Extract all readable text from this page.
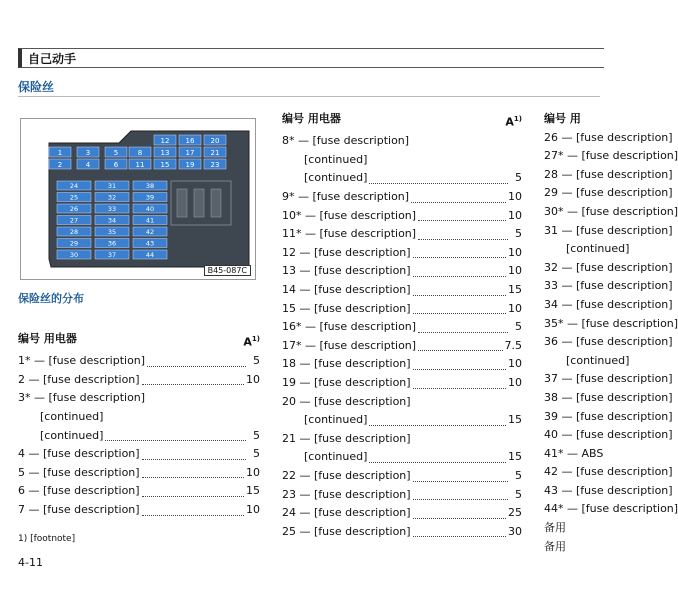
自己动手
保险丝
12 16 20
1	3	5	8	13 17 21
2	4	6 11 15 19 23
24	31	38
25	32	39
26	33	40
27	34	41
28	35	42
29	36	43
30	37	44
B45-087C
保险丝的分布
编号 用电器	$A^{1)}$
1* — [fuse description]	5
2 — [fuse description]	10
3* — [fuse description]
[continued]
[continued]	5
4 — [fuse description]	5
5 — [fuse description]	10
6 — [fuse description]	15
7 — [fuse description]	10
编号 用电器	$A^{1)}$
8* — [fuse description]
[continued]
[continued]	5
9* — [fuse description]	10
10* — [fuse description]	10
11* — [fuse description]	5
12 — [fuse description]	10
13 — [fuse description]	10
14 — [fuse description]	15
15 — [fuse description]	10
16* — [fuse description]	5
17* — [fuse description]	7.5
18 — [fuse description]	10
19 — [fuse description]	10
20 — [fuse description]
[continued]	15
21 — [fuse description]
[continued]	15
22 — [fuse description]	5
23 — [fuse description]	5
24 — [fuse description]	25
25 — [fuse description]	30
编号 用
26 — [fuse description]
27* — [fuse description]
28 — [fuse description]
29 — [fuse description]
30* — [fuse description]
31 — [fuse description]
[continued]
32 — [fuse description]
33 — [fuse description]
34 — [fuse description]
35* — [fuse description]
36 — [fuse description]
[continued]
37 — [fuse description]
38 — [fuse description]
39 — [fuse description]
40 — [fuse description]
41* — ABS
42 — [fuse description]
43 — [fuse description]
44* — [fuse description]
备用
备用
1) [footnote]
4-11
